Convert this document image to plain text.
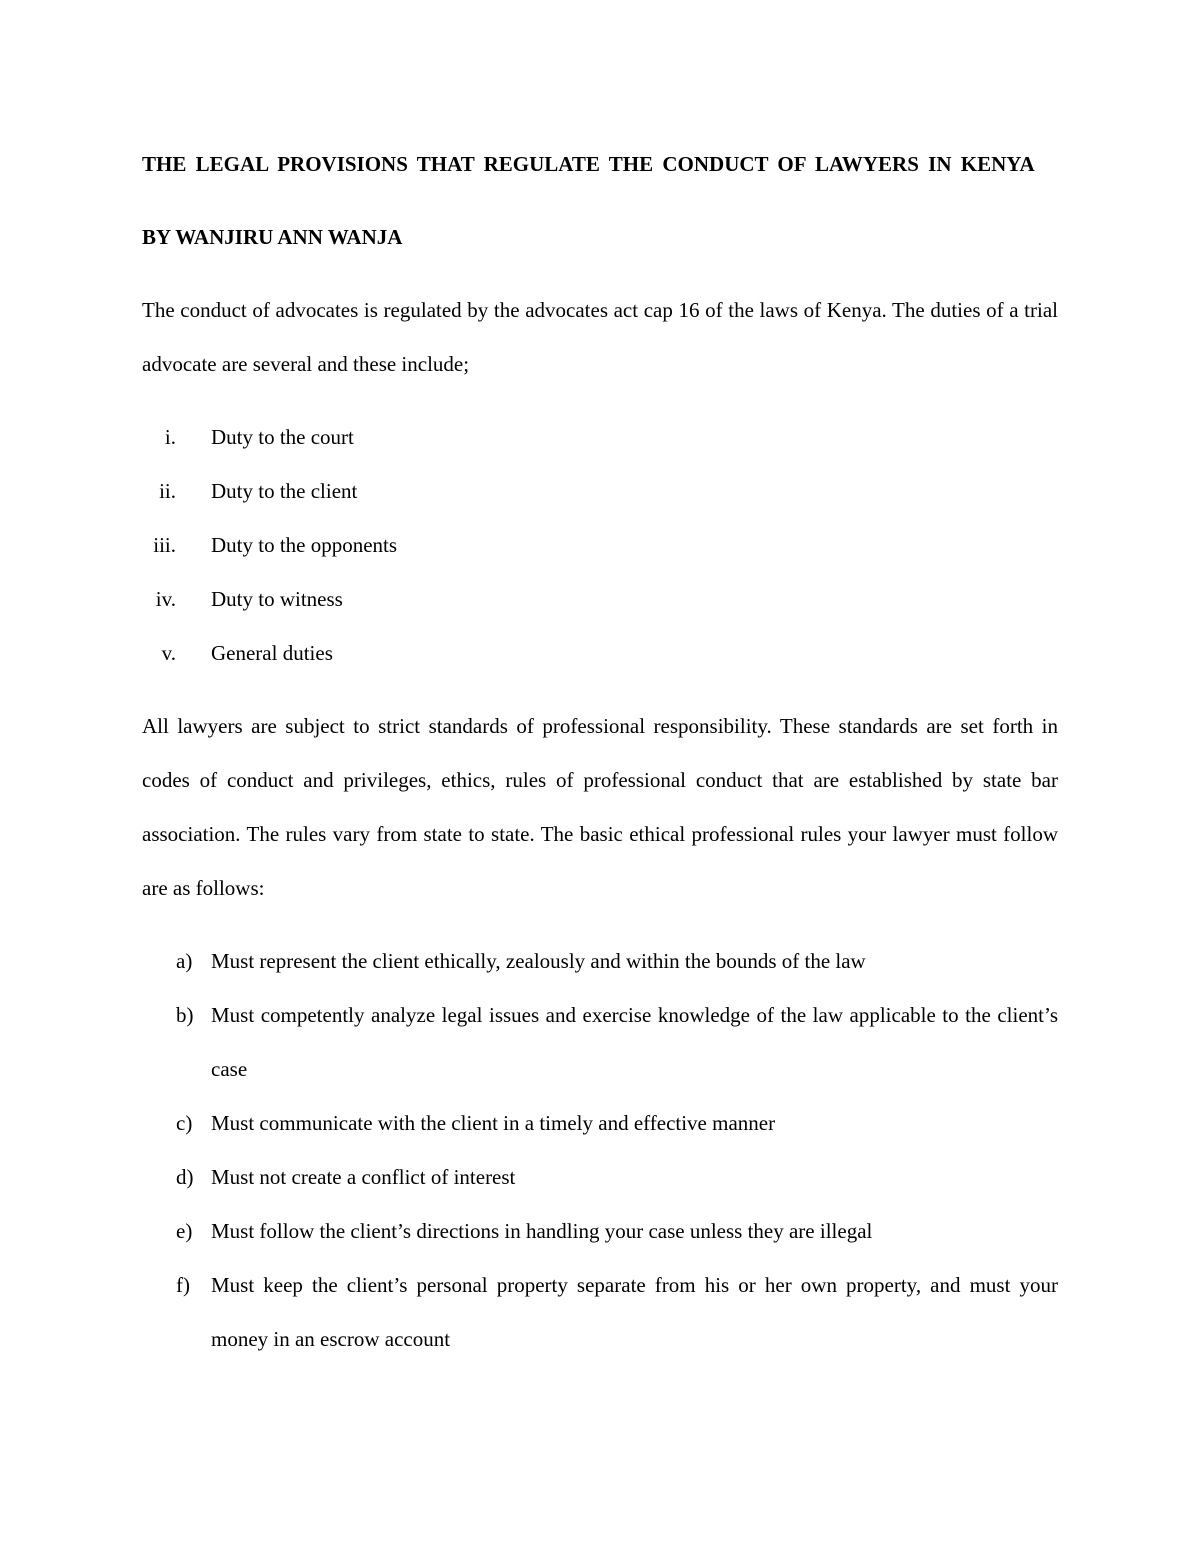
THE LEGAL PROVISIONS THAT REGULATE THE CONDUCT OF LAWYERS IN KENYA

BY WANJIRU ANN WANJA

The conduct of advocates is regulated by the advocates act cap 16 of the laws of Kenya. The duties of a trial advocate are several and these include;

i. Duty to the court
ii. Duty to the client
iii. Duty to the opponents
iv. Duty to witness
v. General duties

All lawyers are subject to strict standards of professional responsibility. These standards are set forth in codes of conduct and privileges, ethics, rules of professional conduct that are established by state bar association. The rules vary from state to state. The basic ethical professional rules your lawyer must follow are as follows:

a) Must represent the client ethically, zealously and within the bounds of the law
b) Must competently analyze legal issues and exercise knowledge of the law applicable to the client’s case
c) Must communicate with the client in a timely and effective manner
d) Must not create a conflict of interest
e) Must follow the client’s directions in handling your case unless they are illegal
f) Must keep the client’s personal property separate from his or her own property, and must your money in an escrow account
